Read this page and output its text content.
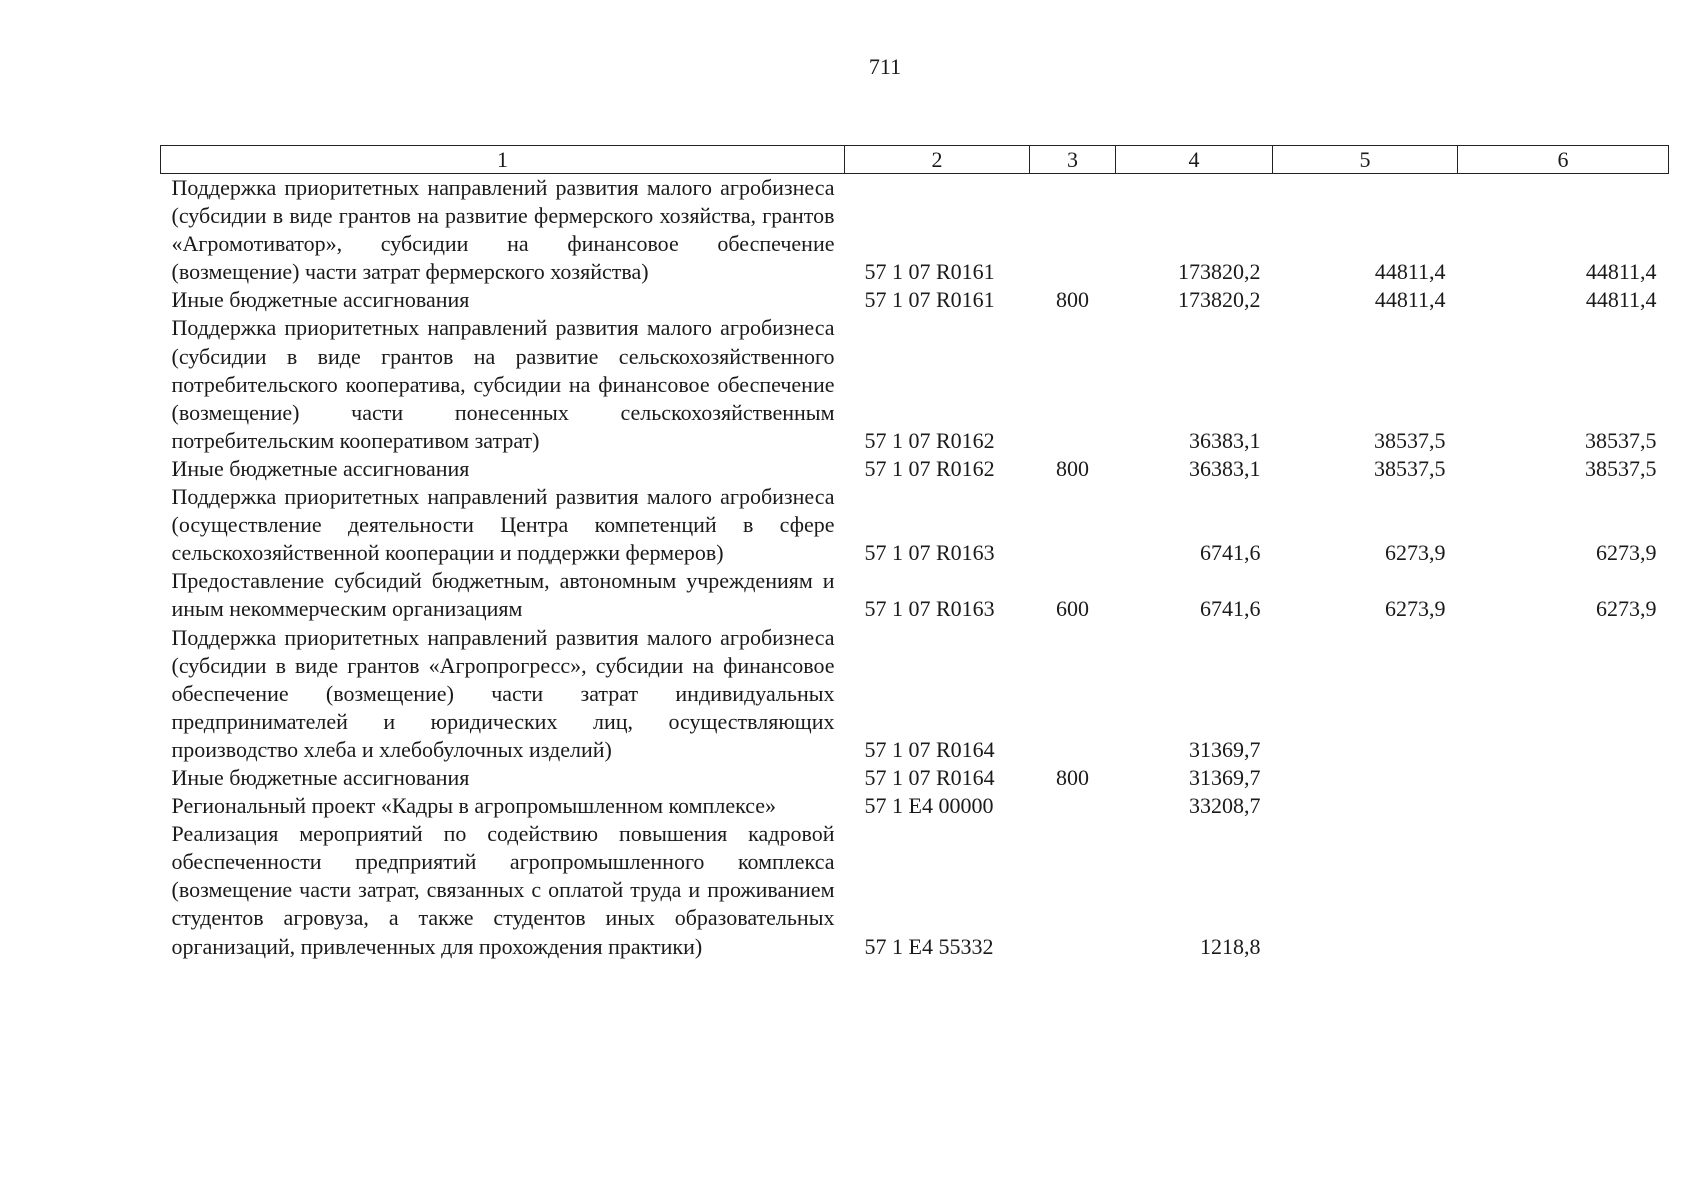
711
1	2	3	4	5	6
Поддержка приоритетных направлений развития малого агробизнеса (субсидии в виде грантов на развитие фермерского хозяйства, грантов «Агромотиватор», субсидии на финансовое обеспечение (возмещение) части затрат фермерского хозяйства)	57 1 07 R0161		173820,2	44811,4	44811,4
Иные бюджетные ассигнования	57 1 07 R0161	800	173820,2	44811,4	44811,4
Поддержка приоритетных направлений развития малого агробизнеса (субсидии в виде грантов на развитие сельскохозяйственного потребительского кооператива, субсидии на финансовое обеспечение (возмещение) части понесенных сельскохозяйственным потребительским кооперативом затрат)	57 1 07 R0162		36383,1	38537,5	38537,5
Иные бюджетные ассигнования	57 1 07 R0162	800	36383,1	38537,5	38537,5
Поддержка приоритетных направлений развития малого агробизнеса (осуществление деятельности Центра компетенций в сфере сельскохозяйственной кооперации и поддержки фермеров)	57 1 07 R0163		6741,6	6273,9	6273,9
Предоставление субсидий бюджетным, автономным учреждениям и иным некоммерческим организациям	57 1 07 R0163	600	6741,6	6273,9	6273,9
Поддержка приоритетных направлений развития малого агробизнеса (субсидии в виде грантов «Агропрогресс», субсидии на финансовое обеспечение (возмещение) части затрат индивидуальных предпринимателей и юридических лиц, осуществляющих производство хлеба и хлебобулочных изделий)	57 1 07 R0164		31369,7		
Иные бюджетные ассигнования	57 1 07 R0164	800	31369,7		
Региональный проект «Кадры в агропромышленном комплексе»	57 1 E4 00000		33208,7		
Реализация мероприятий по содействию повышения кадровой обеспеченности предприятий агропромышленного комплекса (возмещение части затрат, связанных с оплатой труда и проживанием студентов агровуза, а также студентов иных образовательных организаций, привлеченных для прохождения практики)	57 1 E4 55332		1218,8		
